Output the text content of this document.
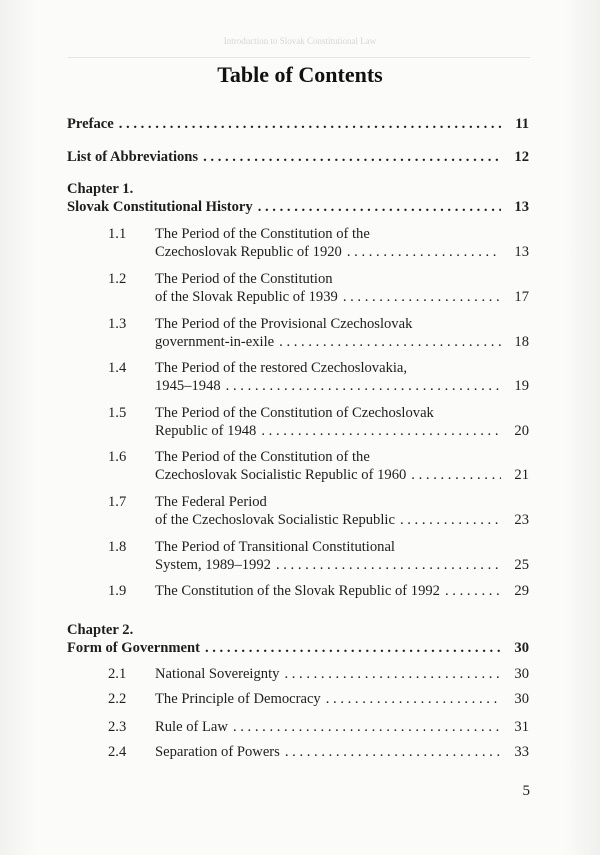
Introduction to Slovak Constitutional Law
Table of Contents
Preface . . .	11
List of Abbreviations . . .	12
Chapter 1.
Slovak Constitutional History . . .	13
1.1 The Period of the Constitution of the
Czechoslovak Republic of 1920 . . .	13
1.2 The Period of the Constitution
of the Slovak Republic of 1939 . . .	17
1.3 The Period of the Provisional Czechoslovak
government-in-exile . . .	18
1.4 The Period of the restored Czechoslovakia,
1945–1948 . . .	19
1.5 The Period of the Constitution of Czechoslovak
Republic of 1948 . . .	20
1.6 The Period of the Constitution of the
Czechoslovak Socialistic Republic of 1960 . . .	21
1.7 The Federal Period
of the Czechoslovak Socialistic Republic . . .	23
1.8 The Period of Transitional Constitutional
System, 1989–1992 . . .	25
1.9 The Constitution of the Slovak Republic of 1992 . . .	29
Chapter 2.
Form of Government . . .	30
2.1 National Sovereignty . . .	30
2.2 The Principle of Democracy . . .	30
2.3 Rule of Law . . .	31
2.4 Separation of Powers . . .	33
5
